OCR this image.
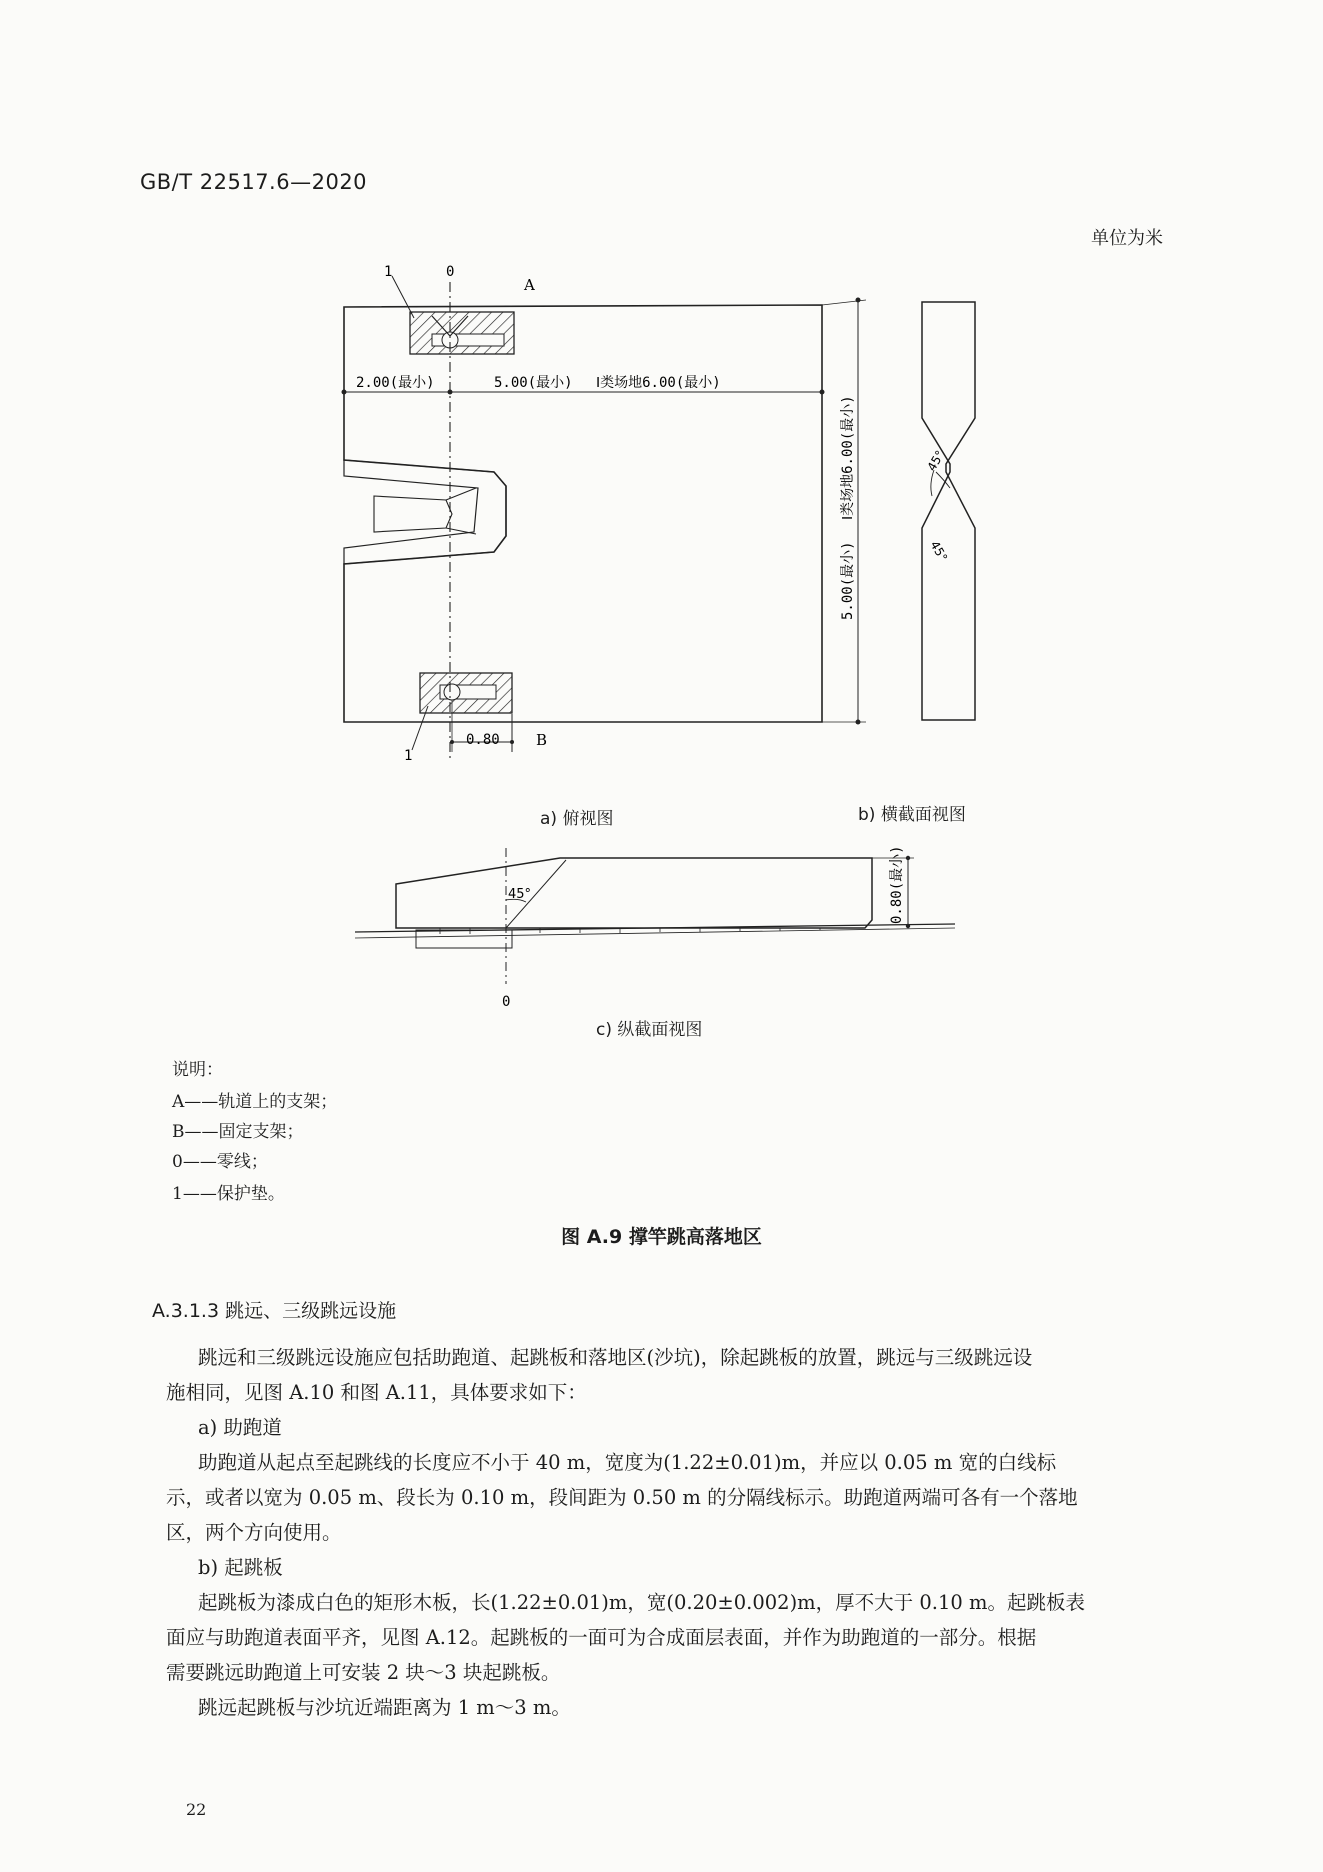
GB/T 22517.6—2020
单位为米
1	0
A
2.00(最小)	5.00(最小) Ⅰ类场地6.00(最小)
Ⅰ类场地6.00(最小)
5.00(最小)
1
0.80 B
45°
45°
45°	0.80(最小)
0
a) 俯视图	b) 横截面视图
c) 纵截面视图
说明：
A——轨道上的支架；
B——固定支架；
0——零线；
1——保护垫。
图 A.9 撑竿跳高落地区
A.3.1.3 跳远、三级跳远设施

跳远和三级跳远设施应包括助跑道、起跳板和落地区(沙坑)，除起跳板的放置，跳远与三级跳远设

施相同，见图 A.10 和图 A.11，具体要求如下：

a) 助跑道

助跑道从起点至起跳线的长度应不小于 40 m，宽度为(1.22±0.01)m，并应以 0.05 m 宽的白线标

示，或者以宽为 0.05 m、段长为 0.10 m，段间距为 0.50 m 的分隔线标示。助跑道两端可各有一个落地

区，两个方向使用。

b) 起跳板

起跳板为漆成白色的矩形木板，长(1.22±0.01)m，宽(0.20±0.002)m，厚不大于 0.10 m。起跳板表

面应与助跑道表面平齐，见图 A.12。起跳板的一面可为合成面层表面，并作为助跑道的一部分。根据

需要跳远助跑道上可安装 2 块～3 块起跳板。

跳远起跳板与沙坑近端距离为 1 m～3 m。

22
